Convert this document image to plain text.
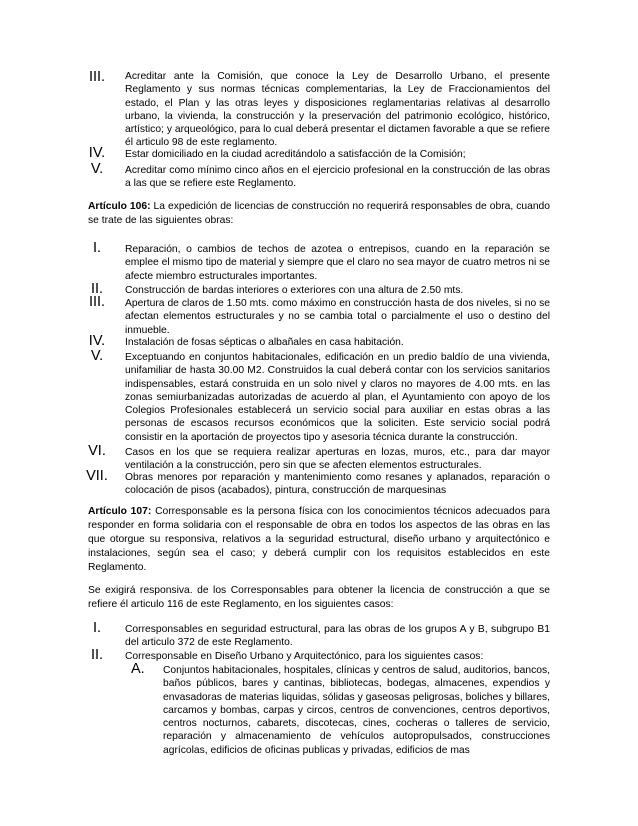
III.	Acreditar ante la Comisión, que conoce la Ley de Desarrollo Urbano, el presente Reglamento y sus normas técnicas complementarias, la Ley de Fraccionamientos del estado, el Plan y las otras leyes y disposiciones reglamentarias relativas al desarrollo urbano, la vivienda, la construcción y la preservación del patrimonio ecológico, histórico, artístico; y arqueológico, para lo cual deberá presentar el dictamen favorable a que se refiere él articulo 98 de este reglamento.
IV.	Estar domiciliado en la ciudad acreditándolo a satisfacción de la Comisión;
V.	Acreditar como mínimo cinco años en el ejercicio profesional en la construcción de las obras a las que se refiere este Reglamento.
Artículo 106: La expedición de licencias de construcción no requerirá responsables de obra, cuando se trate de las siguientes obras:
I.	Reparación, o cambios de techos de azotea o entrepisos, cuando en la reparación se emplee el mismo tipo de material y siempre que el claro no sea mayor de cuatro metros ni se afecte miembro estructurales importantes.
II.	Construcción de bardas interiores o exteriores con una altura de 2.50 mts.
III.	Apertura de claros de 1.50 mts. como máximo en construcción hasta de dos niveles, si no se afectan elementos estructurales y no se cambia total o parcialmente el uso o destino del inmueble.
IV.	Instalación de fosas sépticas o albañales en casa habitación.
V.	Exceptuando en conjuntos habitacionales, edificación en un predio baldío de una vivienda, unifamiliar de hasta 30.00 M2. Construidos la cual deberá contar con los servicios sanitarios indispensables, estará construida en un solo nivel y claros no mayores de 4.00 mts. en las zonas semiurbanizadas autorizadas de acuerdo al plan, el Ayuntamiento con apoyo de los Colegios Profesionales establecerá un servicio social para auxiliar en estas obras a las personas de escasos recursos económicos que la soliciten. Este servicio social podrá consistir en la aportación de proyectos tipo y asesoria técnica durante la construcción.
VI.	Casos en los que se requiera realizar aperturas en lozas, muros, etc., para dar mayor ventilación a la construcción, pero sin que se afecten elementos estructurales.
VII.	Obras menores por reparación y mantenimiento como resanes y aplanados, reparación o colocación de pisos (acabados), pintura, construcción de marquesinas
Artículo 107: Corresponsable es la persona física con los conocimientos técnicos adecuados para responder en forma solidaria con el responsable de obra en todos los aspectos de las obras en las que otorgue su responsiva, relativos a la seguridad estructural, diseño urbano y arquitectónico e instalaciones, según sea el caso; y deberá cumplir con los requisitos establecidos en este Reglamento.
Se exigirá responsiva. de los Corresponsables para obtener la licencia de construcción a que se refiere él articulo 116 de este Reglamento, en los siguientes casos:
I.	Corresponsables en seguridad estructural, para las obras de los grupos A y B, subgrupo B1 del articulo 372 de este Reglamento.
II.	Corresponsable en Diseño Urbano y Arquitectónico, para los siguientes casos:
A. Conjuntos habitacionales, hospitales, clínicas y centros de salud, auditorios, bancos, baños públicos, bares y cantinas, bibliotecas, bodegas, almacenes, expendios y envasadoras de materias liquidas, sólidas y gaseosas peligrosas, boliches y billares, carcamos y bombas, carpas y circos, centros de convenciones, centros deportivos, centros nocturnos, cabarets, discotecas, cines, cocheras o talleres de servicio, reparación y almacenamiento de vehículos autopropulsados, construcciones agrícolas, edificios de oficinas publicas y privadas, edificios de mas
